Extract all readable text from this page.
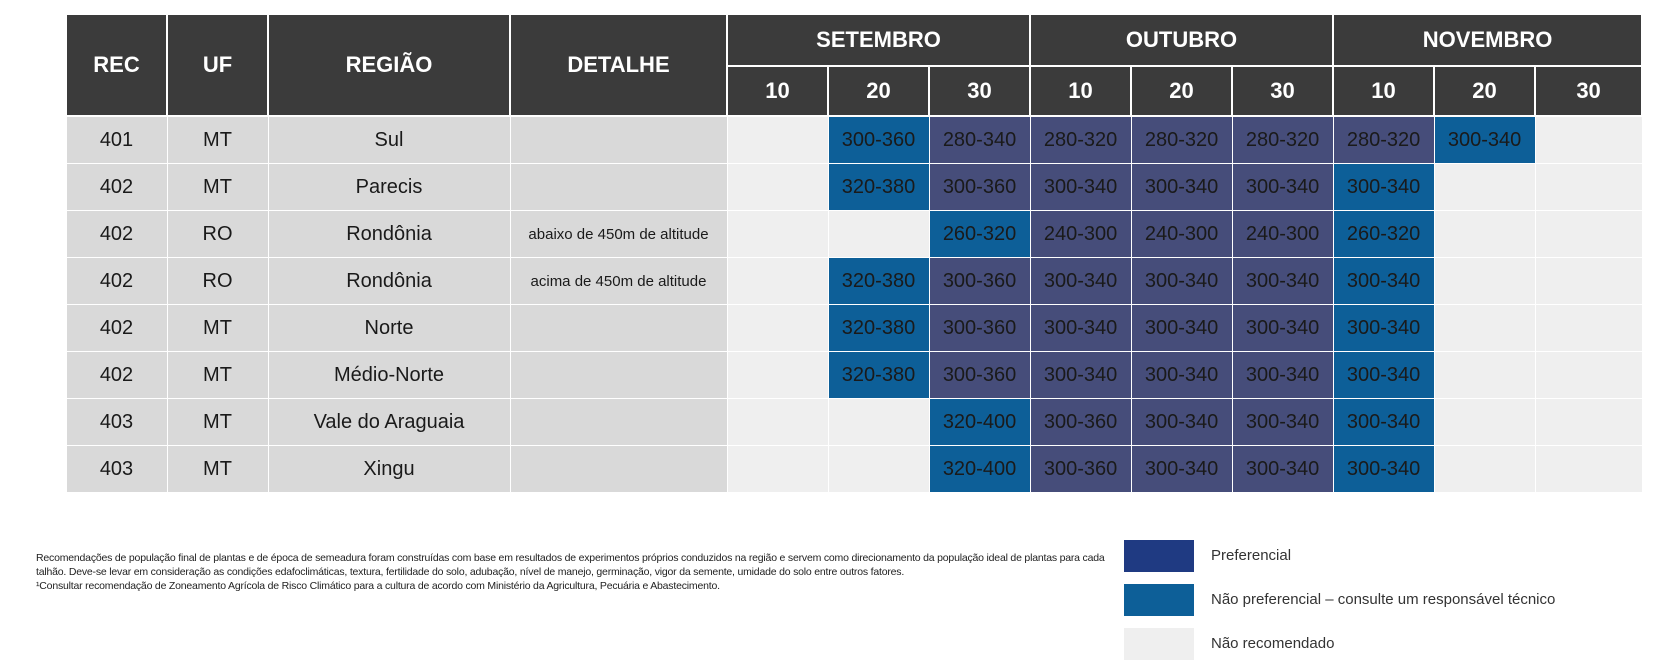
REC	UF	REGIÃO	DETALHE	SETEMBRO			OUTUBRO			NOVEMBRO		
				10	20	30	10	20	30	10	20	30
401	MT	Sul			300-360	280-340	280-320	280-320	280-320	280-320	300-340	
402	MT	Parecis			320-380	300-360	300-340	300-340	300-340	300-340		
402	RO	Rondônia	abaixo de 450m de altitude			260-320	240-300	240-300	240-300	260-320		
402	RO	Rondônia	acima de 450m de altitude		320-380	300-360	300-340	300-340	300-340	300-340		
402	MT	Norte			320-380	300-360	300-340	300-340	300-340	300-340		
402	MT	Médio-Norte			320-380	300-360	300-340	300-340	300-340	300-340		
403	MT	Vale do Araguaia				320-400	300-360	300-340	300-340	300-340		
403	MT	Xingu				320-400	300-360	300-340	300-340	300-340		
Recomendações de população final de plantas e de época de semeadura foram construídas com base em resultados de experimentos próprios conduzidos na região e servem como direcionamento da população ideal de plantas para cada
talhão. Deve-se levar em consideração as condições edafoclimáticas, textura, fertilidade do solo, adubação, nível de manejo, germinação, vigor da semente, umidade do solo entre outros fatores.
¹Consultar recomendação de Zoneamento Agrícola de Risco Climático para a cultura de acordo com Ministério da Agricultura, Pecuária e Abastecimento.
Preferencial
Não preferencial – consulte um responsável técnico
Não recomendado
